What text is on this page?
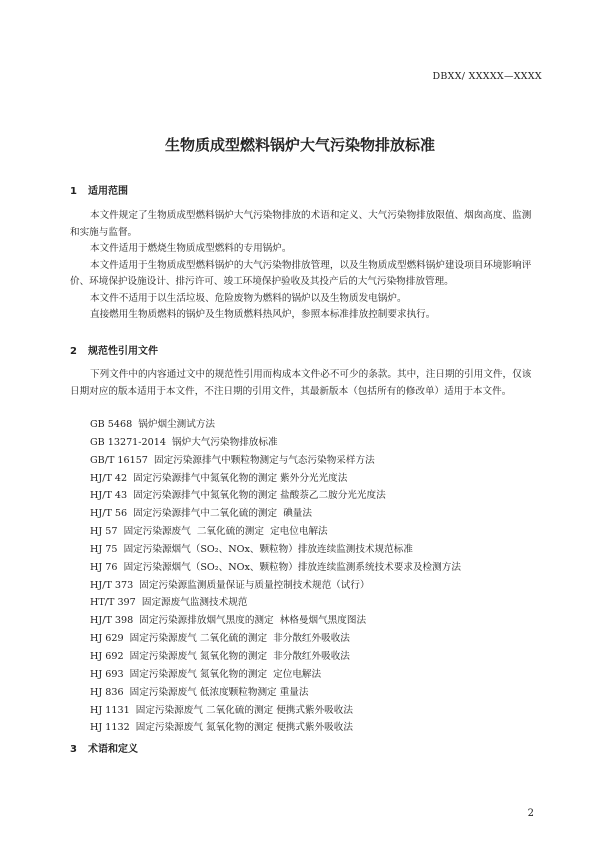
DBXX/ XXXXX—XXXX
生物质成型燃料锅炉大气污染物排放标准
1 适用范围

本文件规定了生物质成型燃料锅炉大气污染物排放的术语和定义、大气污染物排放限值、烟囱高度、监测和实施与监督。

本文件适用于燃烧生物质成型燃料的专用锅炉。

本文件适用于生物质成型燃料锅炉的大气污染物排放管理，以及生物质成型燃料锅炉建设项目环境影响评价、环境保护设施设计、排污许可、竣工环境保护验收及其投产后的大气污染物排放管理。

本文件不适用于以生活垃圾、危险废物为燃料的锅炉以及生物质发电锅炉。

直接燃用生物质燃料的锅炉及生物质燃料热风炉，参照本标准排放控制要求执行。

2 规范性引用文件

下列文件中的内容通过文中的规范性引用而构成本文件必不可少的条款。其中，注日期的引用文件，仅该日期对应的版本适用于本文件，不注日期的引用文件，其最新版本（包括所有的修改单）适用于本文件。

GB 5468  锅炉烟尘测试方法
GB 13271-2014  锅炉大气污染物排放标准
GB/T 16157  固定污染源排气中颗粒物测定与气态污染物采样方法
HJ/T 42  固定污染源排气中氮氧化物的测定 紫外分光光度法
HJ/T 43  固定污染源排气中氮氧化物的测定 盐酸萘乙二胺分光光度法
HJ/T 56  固定污染源排气中二氧化硫的测定  碘量法
HJ 57  固定污染源废气  二氧化硫的测定  定电位电解法
HJ 75  固定污染源烟气（SO₂、NOx、颗粒物）排放连续监测技术规范标准
HJ 76  固定污染源烟气（SO₂、NOx、颗粒物）排放连续监测系统技术要求及检测方法
HJ/T 373  固定污染源监测质量保证与质量控制技术规范（试行）
HT/T 397  固定源废气监测技术规范
HJ/T 398  固定污染源排放烟气黑度的测定  林格曼烟气黑度图法
HJ 629  固定污染源废气 二氧化硫的测定  非分散红外吸收法
HJ 692  固定污染源废气 氮氧化物的测定  非分散红外吸收法
HJ 693  固定污染源废气 氮氧化物的测定  定位电解法
HJ 836  固定污染源废气 低浓度颗粒物测定 重量法
HJ 1131  固定污染源废气 二氧化硫的测定 便携式紫外吸收法
HJ 1132  固定污染源废气 氮氧化物的测定 便携式紫外吸收法
3 术语和定义
2
